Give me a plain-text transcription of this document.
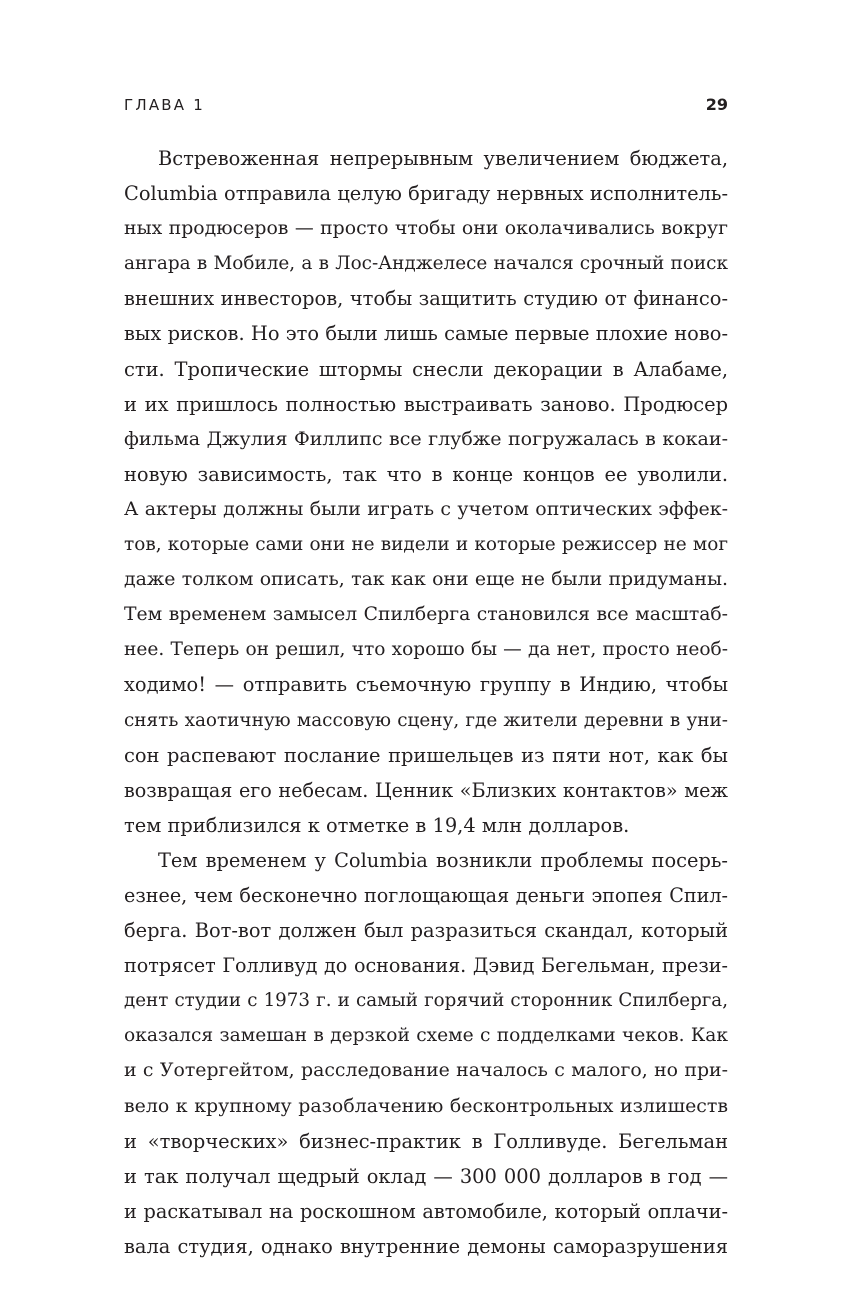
ГЛАВА 1	29
Встревоженная непрерывным увеличением бюджета,
Columbia отправила целую бригаду нервных исполнитель-
ных продюсеров — просто чтобы они околачивались вокруг
ангара в Мобиле, а в Лос-Анджелесе начался срочный поиск
внешних инвесторов, чтобы защитить студию от финансо-
вых рисков. Но это были лишь самые первые плохие ново-
сти. Тропические штормы снесли декорации в Алабаме,
и их пришлось полностью выстраивать заново. Продюсер
фильма Джулия Филлипс все глубже погружалась в кокаи-
новую зависимость, так что в конце концов ее уволили.
А актеры должны были играть с учетом оптических эффек-
тов, которые сами они не видели и которые режиссер не мог
даже толком описать, так как они еще не были придуманы.
Тем временем замысел Спилберга становился все масштаб-
нее. Теперь он решил, что хорошо бы — да нет, просто необ-
ходимо! — отправить съемочную группу в Индию, чтобы
снять хаотичную массовую сцену, где жители деревни в уни-
сон распевают послание пришельцев из пяти нот, как бы
возвращая его небесам. Ценник «Близких контактов» меж
тем приблизился к отметке в 19,4 млн долларов.
Тем временем у Columbia возникли проблемы посерь-
езнее, чем бесконечно поглощающая деньги эпопея Спил-
берга. Вот-вот должен был разразиться скандал, который
потрясет Голливуд до основания. Дэвид Бегельман, прези-
дент студии с 1973 г. и самый горячий сторонник Спилберга,
оказался замешан в дерзкой схеме с подделками чеков. Как
и с Уотергейтом, расследование началось с малого, но при-
вело к крупному разоблачению бесконтрольных излишеств
и «творческих» бизнес-практик в Голливуде. Бегельман
и так получал щедрый оклад — 300 000 долларов в год —
и раскатывал на роскошном автомобиле, который оплачи-
вала студия, однако внутренние демоны саморазрушения
